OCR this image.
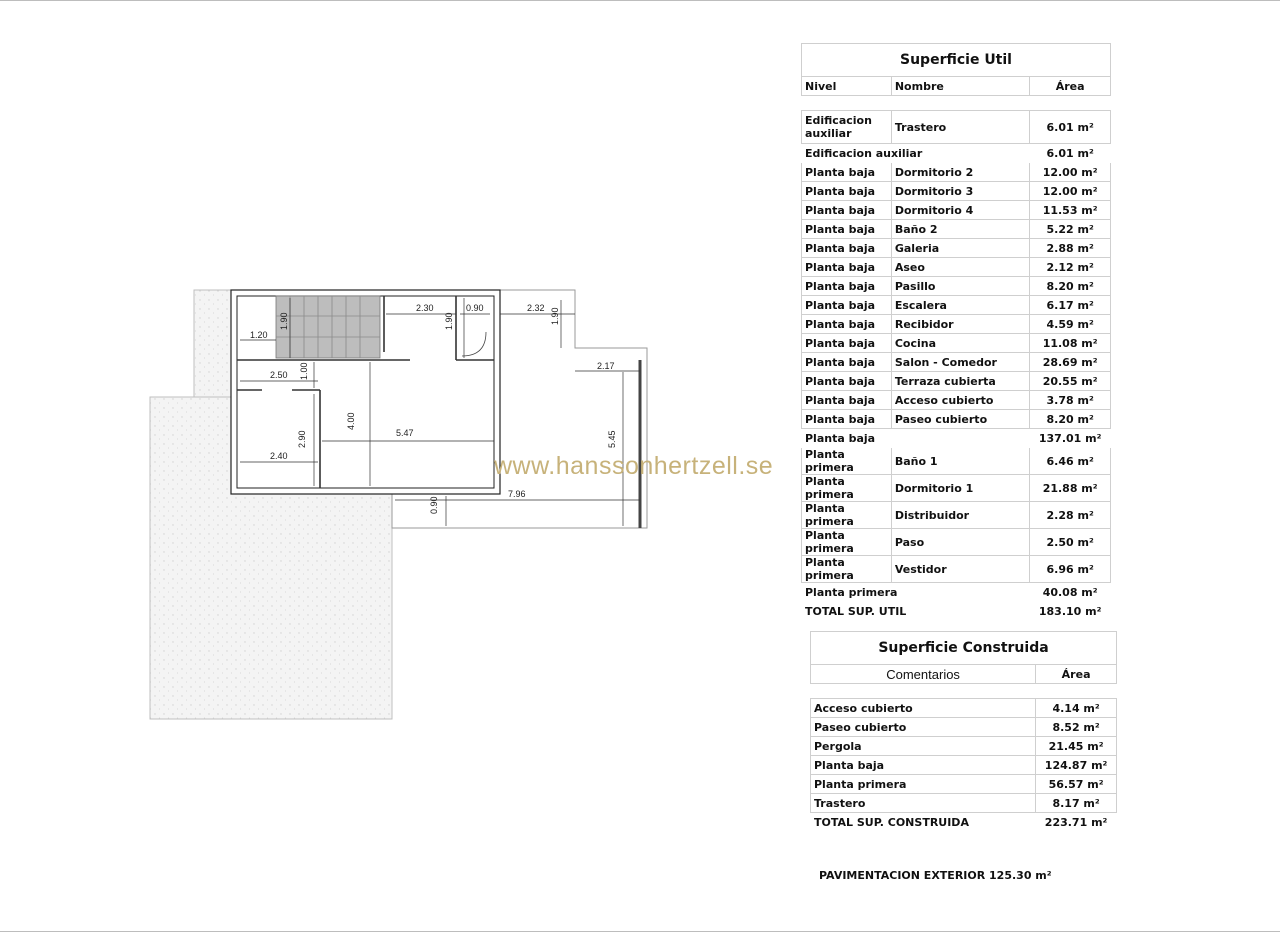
2.30	0.90	2.32 1.90
1.20
1.90	1.90
2.50 1.00	2.17
4.00
5.47	5.45
2.90
2.40
7.96
0.90
www.hanssonhertzell.se
Superficie Util		
Nivel	Nombre	Área

Edificacion auxiliar	Trastero	6.01 m²
Edificacion auxiliar		6.01 m²
Planta baja	Dormitorio 2	12.00 m²
Planta baja	Dormitorio 3	12.00 m²
Planta baja	Dormitorio 4	11.53 m²
Planta baja	Baño 2	5.22 m²
Planta baja	Galeria	2.88 m²
Planta baja	Aseo	2.12 m²
Planta baja	Pasillo	8.20 m²
Planta baja	Escalera	6.17 m²
Planta baja	Recibidor	4.59 m²
Planta baja	Cocina	11.08 m²
Planta baja	Salon - Comedor	28.69 m²
Planta baja	Terraza cubierta	20.55 m²
Planta baja	Acceso cubierto	3.78 m²
Planta baja	Paseo cubierto	8.20 m²
Planta baja		137.01 m²
Planta primera	Baño 1	6.46 m²
Planta primera	Dormitorio 1	21.88 m²
Planta primera	Distribuidor	2.28 m²
Planta primera	Paso	2.50 m²
Planta primera	Vestidor	6.96 m²
Planta primera		40.08 m²
TOTAL SUP. UTIL		183.10 m²
Superficie Construida	
Comentarios	Área

Acceso cubierto	4.14 m²
Paseo cubierto	8.52 m²
Pergola	21.45 m²
Planta baja	124.87 m²
Planta primera	56.57 m²
Trastero	8.17 m²
TOTAL SUP. CONSTRUIDA	223.71 m²
PAVIMENTACION EXTERIOR 125.30 m²
